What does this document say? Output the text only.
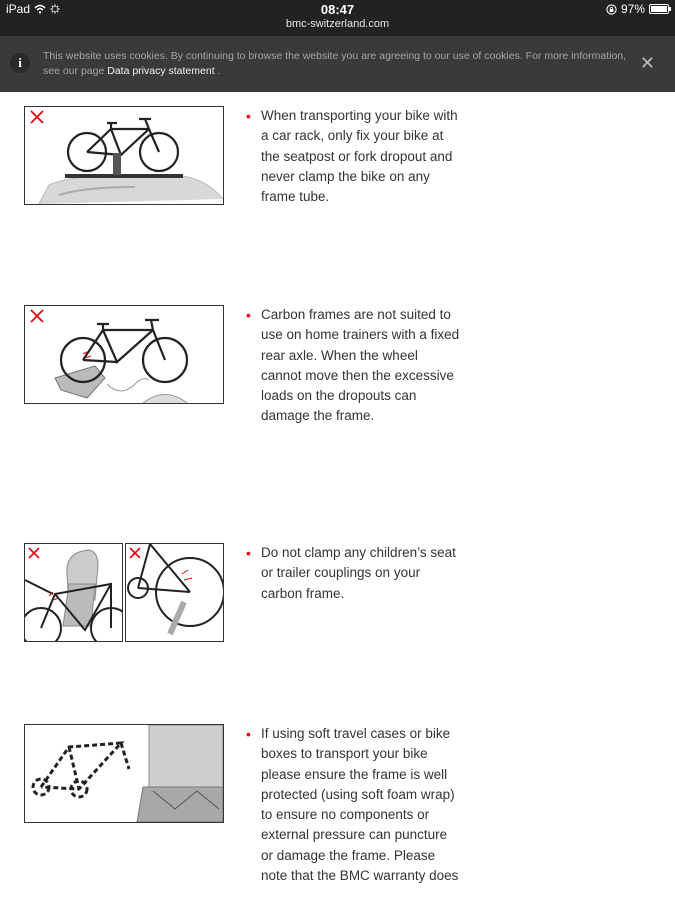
iPad	08:47
bmc-switzerland.com
97%
i	This website uses cookies. By continuing to browse the website you are agreeing to our use of cookies. For more information, see our page Data privacy statement .	✕
• When transporting your bike with a car rack, only fix your bike at the seatpost or fork dropout and never clamp the bike on any frame tube.
• Carbon frames are not suited to use on home trainers with a fixed rear axle. When the wheel cannot move then the excessive loads on the dropouts can damage the frame.
• Do not clamp any children’s seat or trailer couplings on your carbon frame.
• If using soft travel cases or bike boxes to transport your bike please ensure the frame is well protected (using soft foam wrap) to ensure no components or external pressure can puncture or damage the frame. Please note that the BMC warranty does
